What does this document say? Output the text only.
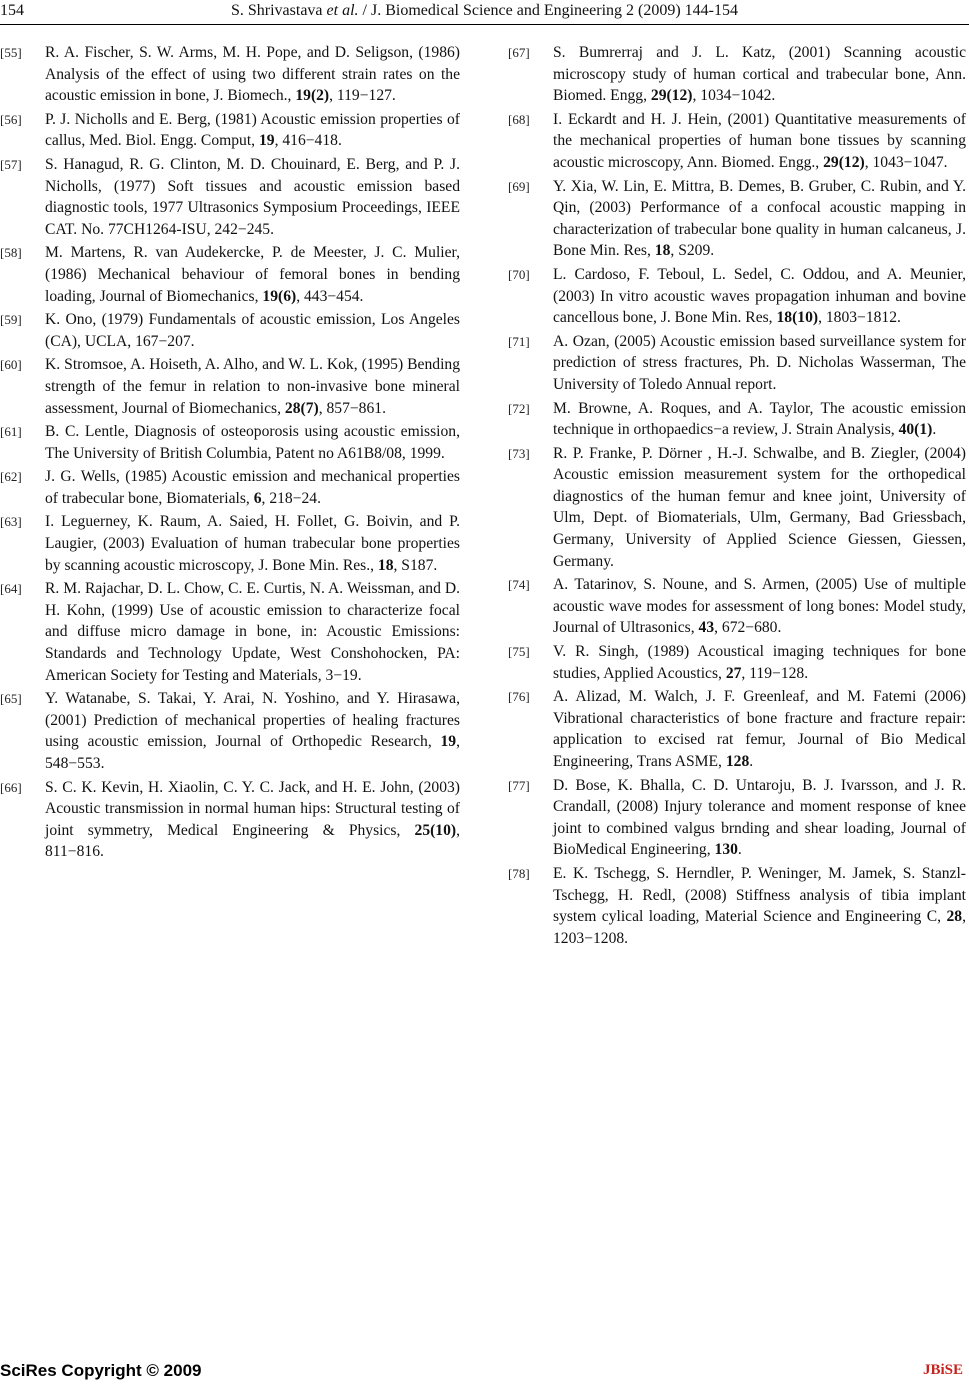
154	S. Shrivastava et al. / J. Biomedical Science and Engineering 2 (2009) 144-154
[55] R. A. Fischer, S. W. Arms, M. H. Pope, and D. Seligson, (1986) Analysis of the effect of using two different strain rates on the acoustic emission in bone, J. Biomech., 19(2), 119−127.
[56] P. J. Nicholls and E. Berg, (1981) Acoustic emission properties of callus, Med. Biol. Engg. Comput, 19, 416−418.
[57] S. Hanagud, R. G. Clinton, M. D. Chouinard, E. Berg, and P. J. Nicholls, (1977) Soft tissues and acoustic emission based diagnostic tools, 1977 Ultrasonics Symposium Proceedings, IEEE CAT. No. 77CH1264-ISU, 242−245.
[58] M. Martens, R. van Audekercke, P. de Meester, J. C. Mulier, (1986) Mechanical behaviour of femoral bones in bending loading, Journal of Biomechanics, 19(6), 443−454.
[59] K. Ono, (1979) Fundamentals of acoustic emission, Los Angeles (CA), UCLA, 167−207.
[60] K. Stromsoe, A. Hoiseth, A. Alho, and W. L. Kok, (1995) Bending strength of the femur in relation to non-invasive bone mineral assessment, Journal of Biomechanics, 28(7), 857−861.
[61] B. C. Lentle, Diagnosis of osteoporosis using acoustic emission, The University of British Columbia, Patent no A61B8/08, 1999.
[62] J. G. Wells, (1985) Acoustic emission and mechanical properties of trabecular bone, Biomaterials, 6, 218−24.
[63] I. Leguerney, K. Raum, A. Saied, H. Follet, G. Boivin, and P. Laugier, (2003) Evaluation of human trabecular bone properties by scanning acoustic microscopy, J. Bone Min. Res., 18, S187.
[64] R. M. Rajachar, D. L. Chow, C. E. Curtis, N. A. Weissman, and D. H. Kohn, (1999) Use of acoustic emission to characterize focal and diffuse micro damage in bone, in: Acoustic Emissions: Standards and Technology Update, West Conshohocken, PA: American Society for Testing and Materials, 3−19.
[65] Y. Watanabe, S. Takai, Y. Arai, N. Yoshino, and Y. Hirasawa, (2001) Prediction of mechanical properties of healing fractures using acoustic emission, Journal of Orthopedic Research, 19, 548−553.
[66] S. C. K. Kevin, H. Xiaolin, C. Y. C. Jack, and H. E. John, (2003) Acoustic transmission in normal human hips: Structural testing of joint symmetry, Medical Engineering & Physics, 25(10), 811−816.
[67] S. Bumrerraj and J. L. Katz, (2001) Scanning acoustic microscopy study of human cortical and trabecular bone, Ann. Biomed. Engg, 29(12), 1034−1042.
[68] I. Eckardt and H. J. Hein, (2001) Quantitative measurements of the mechanical properties of human bone tissues by scanning acoustic microscopy, Ann. Biomed. Engg., 29(12), 1043−1047.
[69] Y. Xia, W. Lin, E. Mittra, B. Demes, B. Gruber, C. Rubin, and Y. Qin, (2003) Performance of a confocal acoustic mapping in characterization of trabecular bone quality in human calcaneus, J. Bone Min. Res, 18, S209.
[70] L. Cardoso, F. Teboul, L. Sedel, C. Oddou, and A. Meunier, (2003) In vitro acoustic waves propagation inhuman and bovine cancellous bone, J. Bone Min. Res, 18(10), 1803−1812.
[71] A. Ozan, (2005) Acoustic emission based surveillance system for prediction of stress fractures, Ph. D. Nicholas Wasserman, The University of Toledo Annual report.
[72] M. Browne, A. Roques, and A. Taylor, The acoustic emission technique in orthopaedics−a review, J. Strain Analysis, 40(1).
[73] R. P. Franke, P. Dörner , H.-J. Schwalbe, and B. Ziegler, (2004) Acoustic emission measurement system for the orthopedical diagnostics of the human femur and knee joint, University of Ulm, Dept. of Biomaterials, Ulm, Germany, Bad Griessbach, Germany, University of Applied Science Giessen, Giessen, Germany.
[74] A. Tatarinov, S. Noune, and S. Armen, (2005) Use of multiple acoustic wave modes for assessment of long bones: Model study, Journal of Ultrasonics, 43, 672−680.
[75] V. R. Singh, (1989) Acoustical imaging techniques for bone studies, Applied Acoustics, 27, 119−128.
[76] A. Alizad, M. Walch, J. F. Greenleaf, and M. Fatemi (2006) Vibrational characteristics of bone fracture and fracture repair: application to excised rat femur, Journal of Bio Medical Engineering, Trans ASME, 128.
[77] D. Bose, K. Bhalla, C. D. Untaroju, B. J. Ivarsson, and J. R. Crandall, (2008) Injury tolerance and moment response of knee joint to combined valgus brnding and shear loading, Journal of BioMedical Engineering, 130.
[78] E. K. Tschegg, S. Herndler, P. Weninger, M. Jamek, S. Stanzl- Tschegg, H. Redl, (2008) Stiffness analysis of tibia implant system cylical loading, Material Science and Engineering C, 28, 1203−1208.
SciRes Copyright © 2009	JBiSE
